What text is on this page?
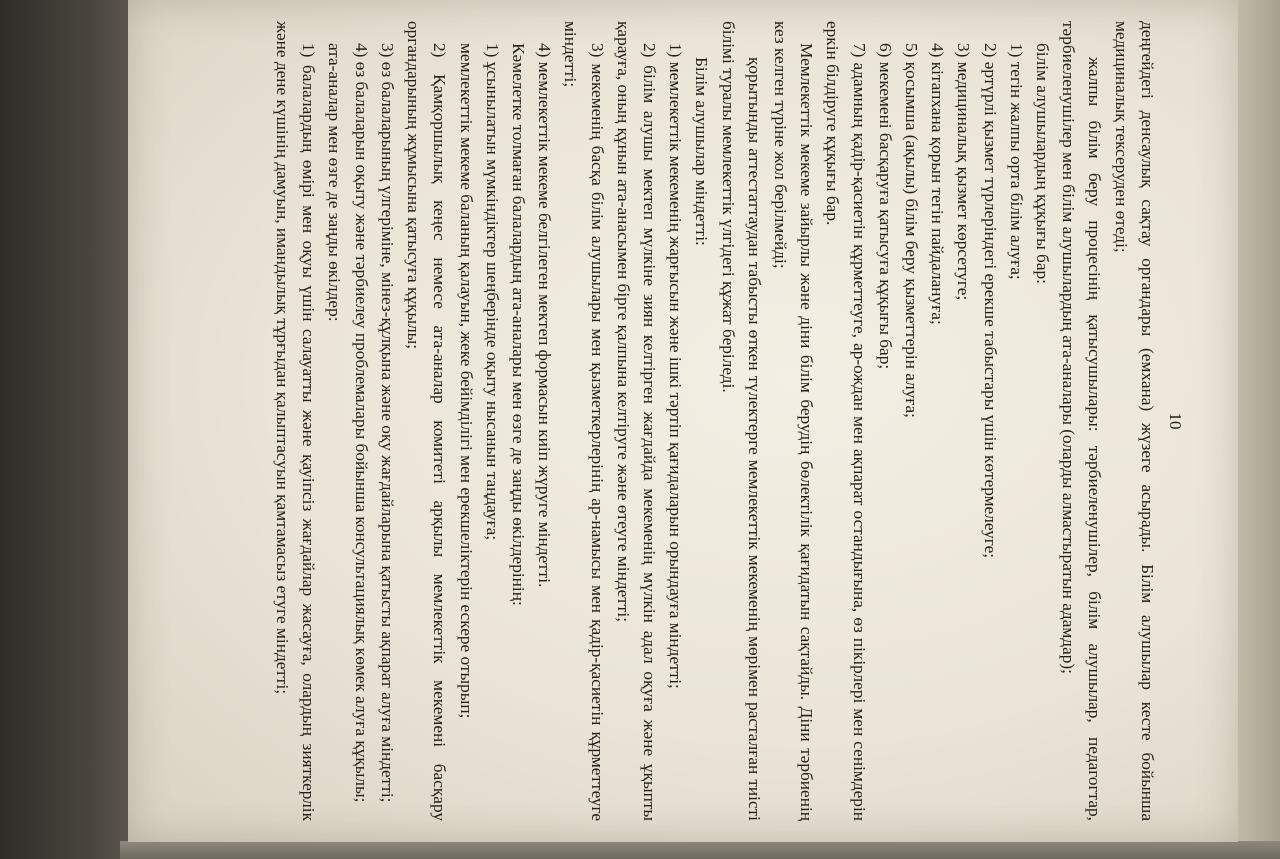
10

деңгейдегі денсаулық сақтау органдары (емхана) жүзеге асырады. Білім алушылар кесте бойынша медициналық тексеруден өтеді;

жалпы білім беру процесінің қатысушылары: тәрбиеленушілер, білім алушылар, педагогтар, тәрбиеленушілер мен білім алушылардың ата-аналары (оларды алмастыратын адамдар);

білім алушылардың құқығы бар:

1) тегін жалпы орта білім алуға;

2) әртүрлі қызмет түрлеріндегі ерекше табыстары үшін көтермелеуге;

3) медициналық қызмет көрсетуге;

4) кітапхана қорын тегін пайдалануға;

5) қосымша (ақылы) білім беру қызметтерін алуға;

6) мекемені басқаруға қатысуға құқығы бар;

7) адамның қадір-қасиетін құрметтеуге, ар-ождан мен ақпарат остандығына, өз пікірлері мен сенімдерін еркін білдіруге құқығы бар.

Мемлекеттік мекеме зайырлы және діни білім берудің бөлектілік қағидатын сақтайды. Діни тәрбиенің кез келген түріне жол берілмейді;

қорытынды аттестаттаудан табысты өткен түлектерге мемлекеттік мекеменің мөрімен расталған тиісті білімі туралы мемлекеттік үлгідегі құжат беріледі.

Білім алушылар міндетті:

1) мемлекеттік мекеменің жарғысын және ішкі тәртіп қағидаларын орындауға міндетті;

2) білім алушы мектеп мүлкіне зиян келтірген жағдайда мекеменің мүлкін адал оқуға және ұқыпты қарауға, оның құнын ата-анасымен бірге қалпына келтіруге және өтеуге міндетті;

3) мекеменің басқа білім алушылары мен қызметкерлерінің ар-намысы мен қадір-қасиетін құрметтеуге міндетті;

4) мемлекеттік мекеме белгілеген мектеп формасын киіп жүруге міндетті.

Кәмелетке толмаған балалардың ата-аналары мен өзге де заңды өкілдерінің:

1) ұсынылатын мүмкіндіктер шеңберінде оқыту нысанын таңдауға;

мемлекеттік мекеме баланың қалауын, жеке бейімділігі мен ерекшеліктерін ескере отырып;

2) Қамқоршылық кеңес немесе ата-аналар комитеті арқылы мемлекеттік мекемені басқару органдарының жұмысына қатысуға құқылы;

3) өз балаларының үлгеріміне, мінез-құлқына және оқу жағдайларына қатысты ақпарат алуға міндетті;

4) өз балаларын оқыту және тәрбиелеу проблемалары бойынша консультациялық көмек алуға құқылы;

ата-аналар мен өзге де заңды өкілдер:

1) балалардың өмірі мен оқуы үшін салауатты және қауіпсіз жағдайлар жасауға, олардың зияткерлік және дене күшінің дамуын, имандылық тұрғыдан қалыптасуын қамтамасыз етуге міндетті;
